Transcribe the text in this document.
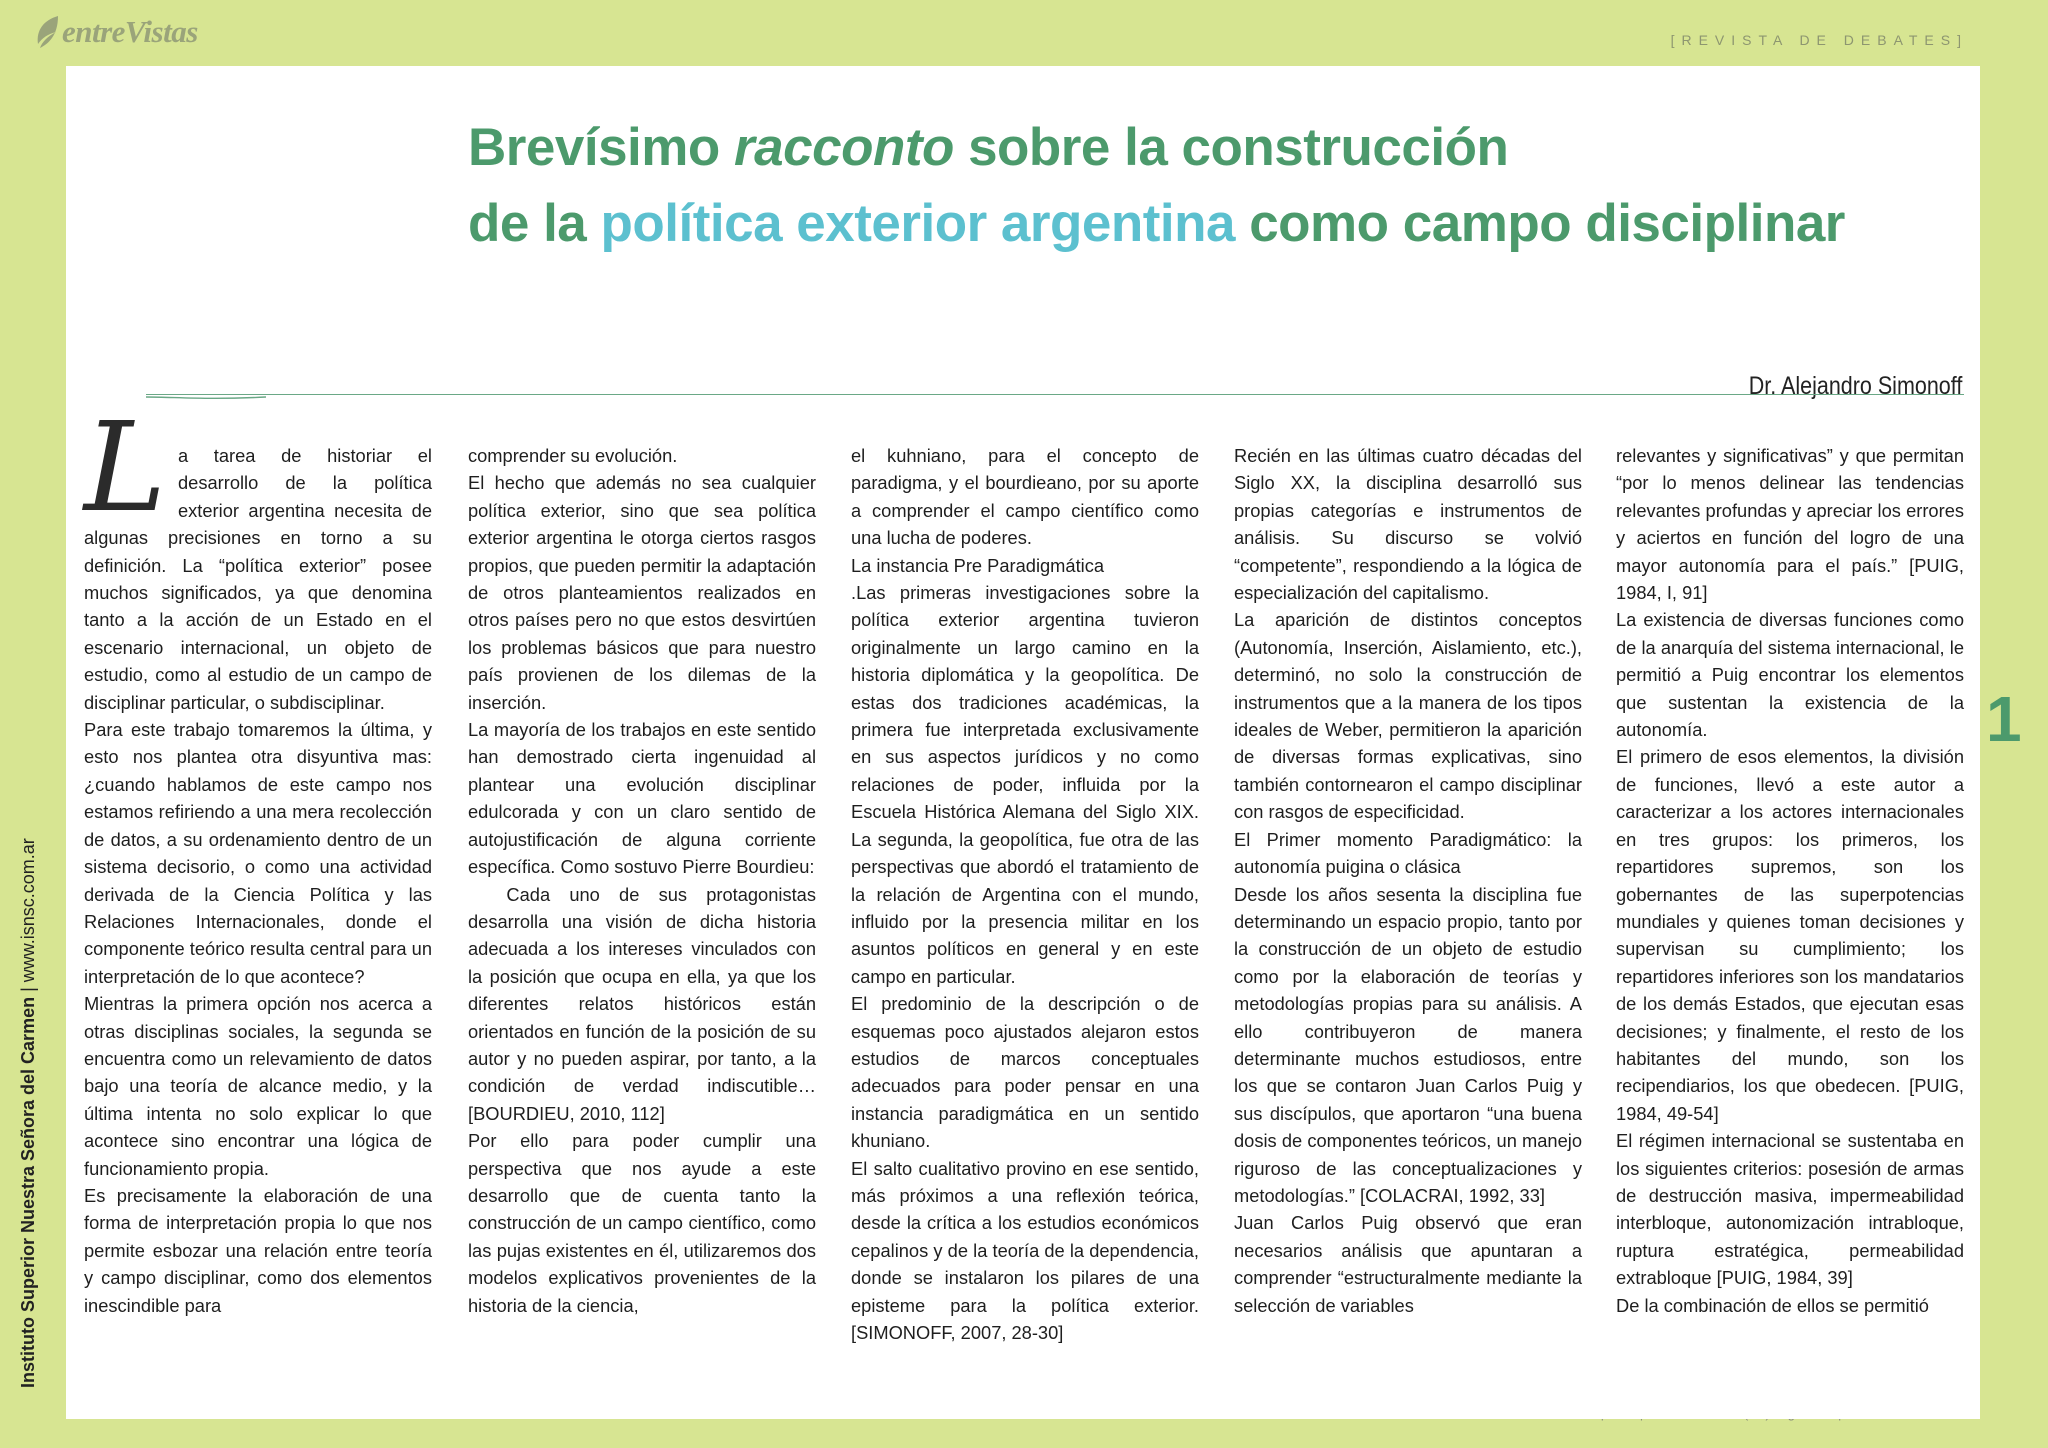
entreVistas	[REVISTA DE DEBATES]
Instituto Superior Nuestra Señora del Carmen | www.isnsc.com.ar
1
Brevísimo racconto sobre la construcción
de la política exterior argentina como campo disciplinar
Dr. Alejandro Simonoff
L a tarea de historiar el desarrollo de la política exterior argentina necesita de algunas precisiones en torno a su definición. La “política exterior” posee muchos significados, ya que denomina tanto a la acción de un Estado en el escenario internacional, un objeto de estudio, como al estudio de un campo de disciplinar particular, o subdisciplinar.

Para este trabajo tomaremos la última, y esto nos plantea otra disyuntiva mas: ¿cuando hablamos de este campo nos estamos refiriendo a una mera recolección de datos, a su ordenamiento dentro de un sistema decisorio, o como una actividad derivada de la Ciencia Política y las Relaciones Internacionales, donde el componente teórico resulta central para un interpretación de lo que acontece?

Mientras la primera opción nos acerca a otras disciplinas sociales, la segunda se encuentra como un relevamiento de datos bajo una teoría de alcance medio, y la última intenta no solo explicar lo que acontece sino encontrar una lógica de funcionamiento propia.

Es precisamente la elaboración de una forma de interpretación propia lo que nos permite esbozar una relación entre teoría y campo disciplinar, como dos elementos inescindible para

comprender su evolución.

El hecho que además no sea cualquier política exterior, sino que sea política exterior argentina le otorga ciertos rasgos propios, que pueden permitir la adaptación de otros planteamientos realizados en otros países pero no que estos desvirtúen los problemas básicos que para nuestro país provienen de los dilemas de la inserción.

La mayoría de los trabajos en este sentido han demostrado cierta ingenuidad al plantear una evolución disciplinar edulcorada y con un claro sentido de autojustificación de alguna corriente específica. Como sostuvo Pierre Bourdieu:

Cada uno de sus protagonistas desarrolla una visión de dicha historia adecuada a los intereses vinculados con la posición que ocupa en ella, ya que los diferentes relatos históricos están orientados en función de la posición de su autor y no pueden aspirar, por tanto, a la condición de verdad indiscutible… [BOURDIEU, 2010, 112]

Por ello para poder cumplir una perspectiva que nos ayude a este desarrollo que de cuenta tanto la construcción de un campo científico, como las pujas existentes en él, utilizaremos dos modelos explicativos provenientes de la historia de la ciencia,

el kuhniano, para el concepto de paradigma, y el bourdieano, por su aporte a comprender el campo científico como una lucha de poderes.

La instancia Pre Paradigmática

.Las primeras investigaciones sobre la política exterior argentina tuvieron originalmente un largo camino en la historia diplomática y la geopolítica. De estas dos tradiciones académicas, la primera fue interpretada exclusivamente en sus aspectos jurídicos y no como relaciones de poder, influida por la Escuela Histórica Alemana del Siglo XIX. La segunda, la geopolítica, fue otra de las perspectivas que abordó el tratamiento de la relación de Argentina con el mundo, influido por la presencia militar en los asuntos políticos en general y en este campo en particular.

El predominio de la descripción o de esquemas poco ajustados alejaron estos estudios de marcos conceptuales adecuados para poder pensar en una instancia paradigmática en un sentido khuniano.

El salto cualitativo provino en ese sentido, más próximos a una reflexión teórica, desde la crítica a los estudios económicos cepalinos y de la teoría de la dependencia, donde se instalaron los pilares de una episteme para la política exterior. [SIMONOFF, 2007, 28-30]

Recién en las últimas cuatro décadas del Siglo XX, la disciplina desarrolló sus propias categorías e instrumentos de análisis. Su discurso se volvió “competente”, respondiendo a la lógica de especialización del capitalismo.

La aparición de distintos conceptos (Autonomía, Inserción, Aislamiento, etc.), determinó, no solo la construcción de instrumentos que a la manera de los tipos ideales de Weber, permitieron la aparición de diversas formas explicativas, sino también contornearon el campo disciplinar con rasgos de especificidad.

El Primer momento Paradigmático: la autonomía puigina o clásica

Desde los años sesenta la disciplina fue determinando un espacio propio, tanto por la construcción de un objeto de estudio como por la elaboración de teorías y metodologías propias para su análisis. A ello contribuyeron de manera determinante muchos estudiosos, entre los que se contaron Juan Carlos Puig y sus discípulos, que aportaron “una buena dosis de componentes teóricos, un manejo riguroso de las conceptualizaciones y metodologías.” [COLACRAI, 1992, 33]

Juan Carlos Puig observó que eran necesarios análisis que apuntaran a comprender “estructuralmente mediante la selección de variables

relevantes y significativas” y que permitan “por lo menos delinear las tendencias relevantes profundas y apreciar los errores y aciertos en función del logro de una mayor autonomía para el país.” [PUIG, 1984, I, 91]

La existencia de diversas funciones como de la anarquía del sistema internacional, le permitió a Puig encontrar los elementos que sustentan la existencia de la autonomía.

El primero de esos elementos, la división de funciones, llevó a este autor a caracterizar a los actores internacionales en tres grupos: los primeros, los repartidores supremos, son los gobernantes de las superpotencias mundiales y quienes toman decisiones y supervisan su cumplimiento; los repartidores inferiores son los mandatarios de los demás Estados, que ejecutan esas decisiones; y finalmente, el resto de los habitantes del mundo, son los recipendiarios, los que obedecen. [PUIG, 1984, 49-54]

El régimen internacional se sustentaba en los siguientes criterios: posesión de armas de destrucción masiva, impermeabilidad interbloque, autonomización intrabloque, ruptura estratégica, permeabilidad extrabloque [PUIG, 1984, 39]

De la combinación de ellos se permitió
